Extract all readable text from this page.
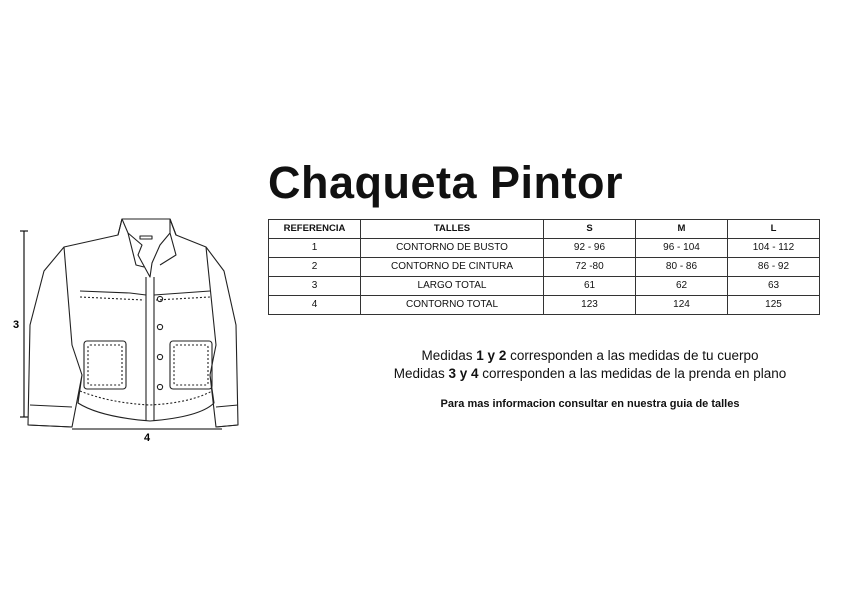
3
4
Chaqueta Pintor
REFERENCIA	TALLES	S	M	L
1	CONTORNO DE BUSTO	92 - 96	96 - 104	104 - 112
2	CONTORNO DE CINTURA	72 -80	80 - 86	86 - 92
3	LARGO TOTAL	61	62	63
4	CONTORNO TOTAL	123	124	125
Medidas 1 y 2 corresponden a las medidas de tu cuerpo
Medidas 3 y 4 corresponden a las medidas de la prenda en plano
Para mas informacion consultar en nuestra guia de talles
